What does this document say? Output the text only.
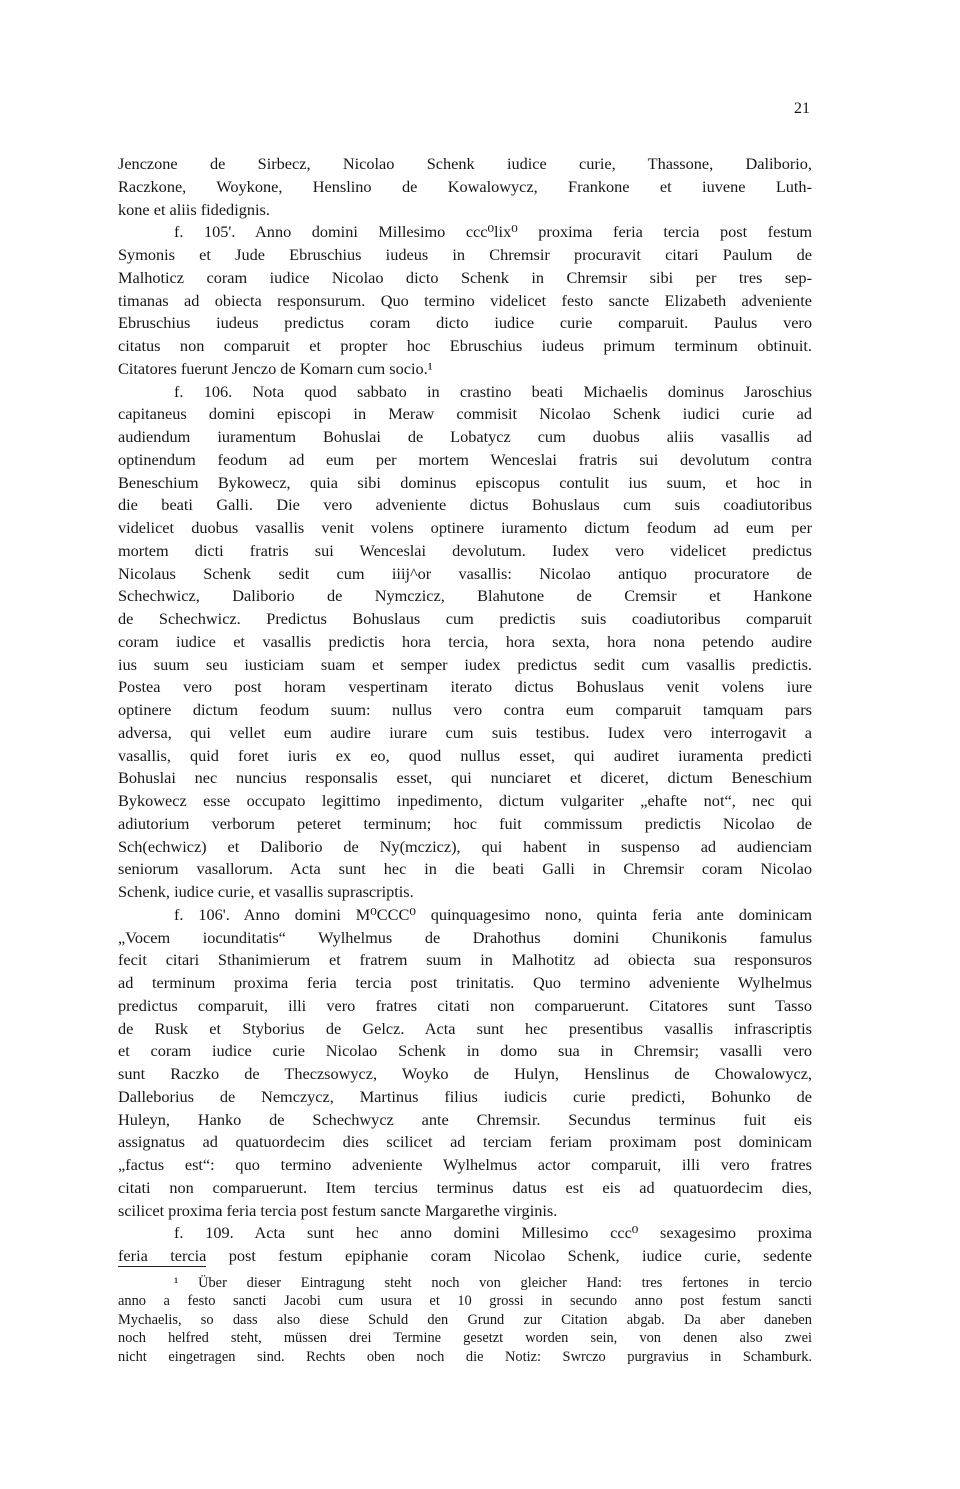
21
Jenczone de Sirbecz, Nicolao Schenk iudice curie, Thassone, Daliborio,
Raczkone, Woykone, Henslino de Kowalowycz, Frankone et iuvene Luth-
kone et aliis fidedignis.
f. 105'. Anno domini Millesimo ccc⁰lix⁰ proxima feria tercia post festum
Symonis et Jude Ebruschius iudeus in Chremsir procuravit citari Paulum de
Malhoticz coram iudice Nicolao dicto Schenk in Chremsir sibi per tres sep-
timanas ad obiecta responsurum. Quo termino videlicet festo sancte Elizabeth adveniente
Ebruschius iudeus predictus coram dicto iudice curie comparuit. Paulus vero
citatus non comparuit et propter hoc Ebruschius iudeus primum terminum obtinuit.
Citatores fuerunt Jenczo de Komarn cum socio.¹
f. 106. Nota quod sabbato in crastino beati Michaelis dominus Jaroschius
capitaneus domini episcopi in Meraw commisit Nicolao Schenk iudici curie ad
audiendum iuramentum Bohuslai de Lobatycz cum duobus aliis vasallis ad
optinendum feodum ad eum per mortem Wenceslai fratris sui devolutum contra
Beneschium Bykowecz, quia sibi dominus episcopus contulit ius suum, et hoc in
die beati Galli. Die vero adveniente dictus Bohuslaus cum suis coadiutoribus
videlicet duobus vasallis venit volens optinere iuramento dictum feodum ad eum per
mortem dicti fratris sui Wenceslai devolutum. Iudex vero videlicet predictus
Nicolaus Schenk sedit cum iiij^or vasallis: Nicolao antiquo procuratore de
Schechwicz, Daliborio de Nymczicz, Blahutone de Cremsir et Hankone
de Schechwicz. Predictus Bohuslaus cum predictis suis coadiutoribus comparuit
coram iudice et vasallis predictis hora tercia, hora sexta, hora nona petendo audire
ius suum seu iusticiam suam et semper iudex predictus sedit cum vasallis predictis.
Postea vero post horam vespertinam iterato dictus Bohuslaus venit volens iure
optinere dictum feodum suum: nullus vero contra eum comparuit tamquam pars
adversa, qui vellet eum audire iurare cum suis testibus. Iudex vero interrogavit a
vasallis, quid foret iuris ex eo, quod nullus esset, qui audiret iuramenta predicti
Bohuslai nec nuncius responsalis esset, qui nunciaret et diceret, dictum Beneschium
Bykowecz esse occupato legittimo inpedimento, dictum vulgariter „ehafte not“, nec qui
adiutorium verborum peteret terminum; hoc fuit commissum predictis Nicolao de
Sch(echwicz) et Daliborio de Ny(mczicz), qui habent in suspenso ad audienciam
seniorum vasallorum. Acta sunt hec in die beati Galli in Chremsir coram Nicolao
Schenk, iudice curie, et vasallis suprascriptis.
f. 106'. Anno domini M⁰CCC⁰ quinquagesimo nono, quinta feria ante dominicam
„Vocem iocunditatis“ Wylhelmus de Drahothus domini Chunikonis famulus
fecit citari Sthanimierum et fratrem suum in Malhotitz ad obiecta sua responsuros
ad terminum proxima feria tercia post trinitatis. Quo termino adveniente Wylhelmus
predictus comparuit, illi vero fratres citati non comparuerunt. Citatores sunt Tasso
de Rusk et Styborius de Gelcz. Acta sunt hec presentibus vasallis infrascriptis
et coram iudice curie Nicolao Schenk in domo sua in Chremsir; vasalli vero
sunt Raczko de Theczsowycz, Woyko de Hulyn, Henslinus de Chowalowycz,
Dalleborius de Nemczycz, Martinus filius iudicis curie predicti, Bohunko de
Huleyn, Hanko de Schechwycz ante Chremsir. Secundus terminus fuit eis
assignatus ad quatuordecim dies scilicet ad terciam feriam proximam post dominicam
„factus est“: quo termino adveniente Wylhelmus actor comparuit, illi vero fratres
citati non comparuerunt. Item tercius terminus datus est eis ad quatuordecim dies,
scilicet proxima feria tercia post festum sancte Margarethe virginis.
f. 109. Acta sunt hec anno domini Millesimo ccc⁰ sexagesimo proxima
feria tercia post festum epiphanie coram Nicolao Schenk, iudice curie, sedente
¹ Über dieser Eintragung steht noch von gleicher Hand: tres fertones in tercio
anno a festo sancti Jacobi cum usura et 10 grossi in secundo anno post festum sancti
Mychaelis, so dass also diese Schuld den Grund zur Citation abgab. Da aber daneben
noch helfred steht, müssen drei Termine gesetzt worden sein, von denen also zwei
nicht eingetragen sind. Rechts oben noch die Notiz: Swrczo purgravius in Schamburk.
